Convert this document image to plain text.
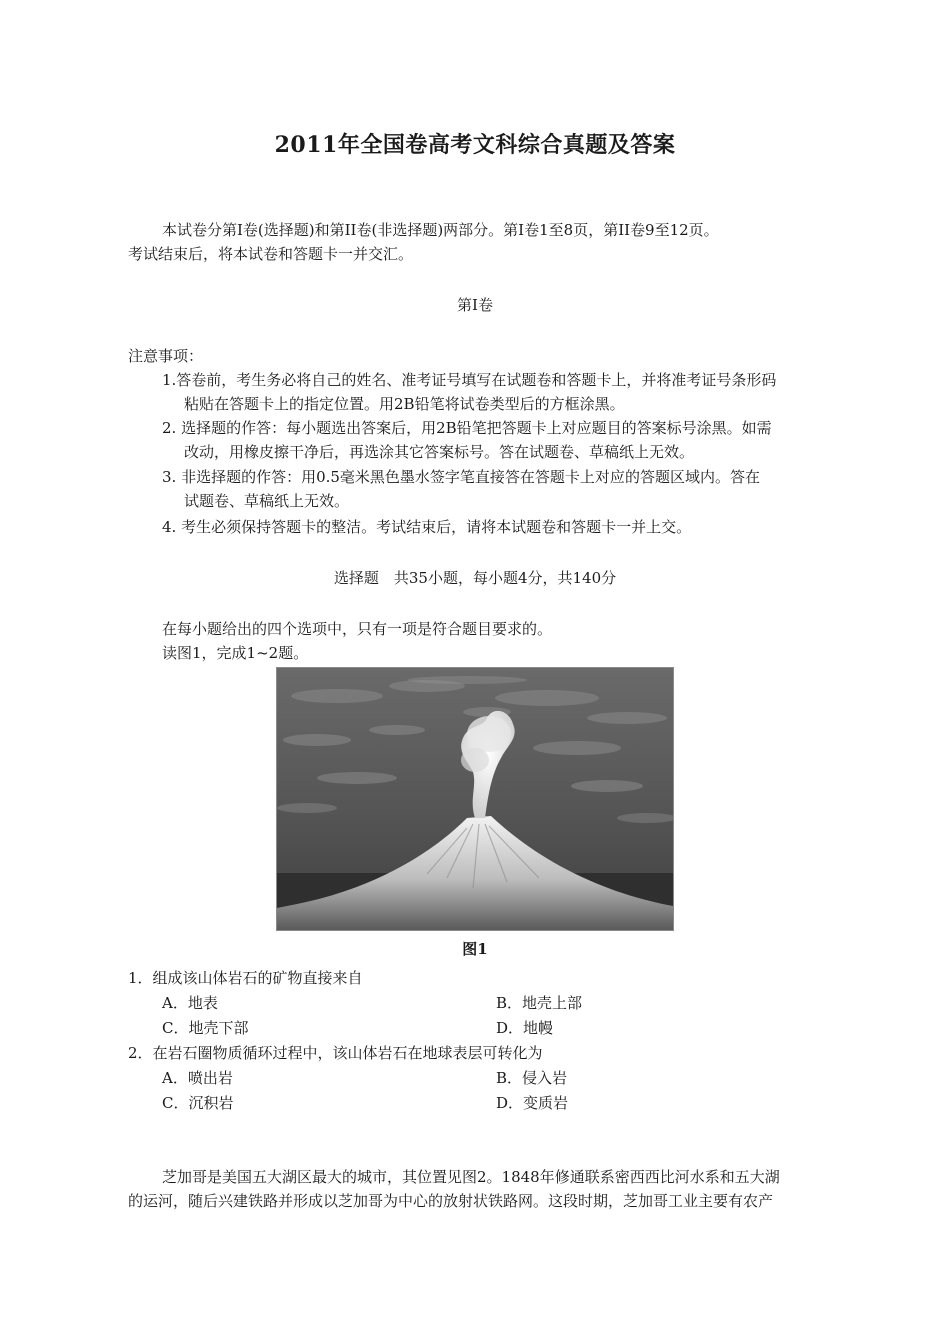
2011年全国卷高考文科综合真题及答案

本试卷分第Ⅰ卷(选择题)和第II卷(非选择题)两部分。第Ⅰ卷1至8页，第II卷9至12页。

考试结束后，将本试卷和答题卡一并交汇。

第Ⅰ卷

注意事项：

1.答卷前，考生务必将自己的姓名、准考证号填写在试题卷和答题卡上，并将准考证号条形码

粘贴在答题卡上的指定位置。用2B铅笔将试卷类型后的方框涂黑。

2. 选择题的作答：每小题选出答案后，用2B铅笔把答题卡上对应题目的答案标号涂黑。如需

改动，用橡皮擦干净后，再选涂其它答案标号。答在试题卷、草稿纸上无效。

3. 非选择题的作答：用0.5毫米黑色墨水签字笔直接答在答题卡上对应的答题区域内。答在

试题卷、草稿纸上无效。

4. 考生必须保持答题卡的整洁。考试结束后，请将本试题卷和答题卡一并上交。

选择题　共35小题，每小题4分，共140分

在每小题给出的四个选项中，只有一项是符合题目要求的。

读图1，完成1~2题。

图1

1．组成该山体岩石的矿物直接来自

A．地表	B．地壳上部

C．地壳下部	D．地幔

2．在岩石圈物质循环过程中，该山体岩石在地球表层可转化为

A．喷出岩	B．侵入岩

C．沉积岩	D．变质岩

芝加哥是美国五大湖区最大的城市，其位置见图2。1848年修通联系密西西比河水系和五大湖

的运河，随后兴建铁路并形成以芝加哥为中心的放射状铁路网。这段时期，芝加哥工业主要有农产
